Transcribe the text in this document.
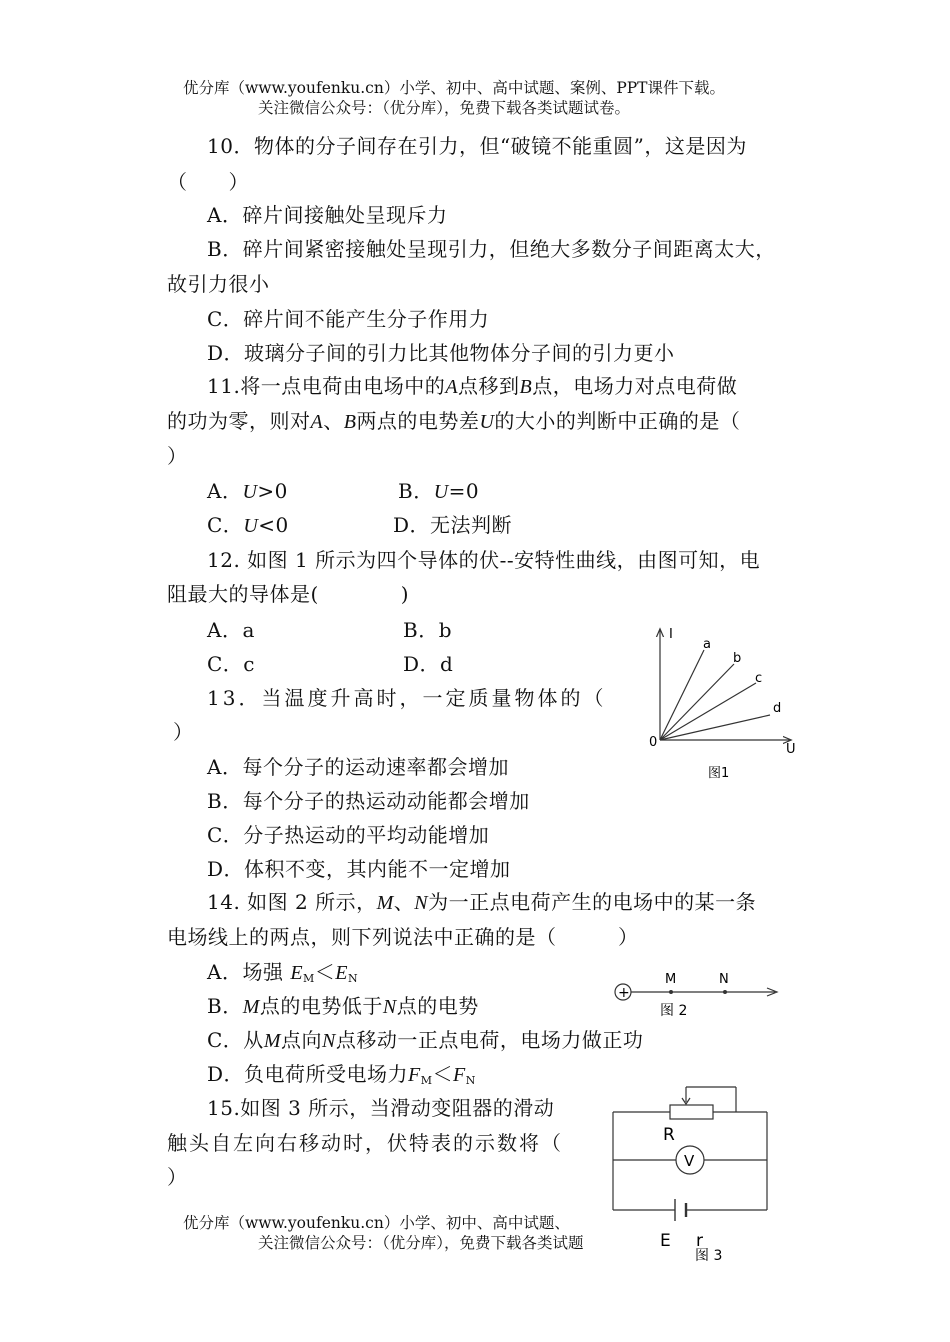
优分库（www.youfenku.cn）小学、初中、高中试题、案例、PPT课件下载。
关注微信公众号：（优分库），免费下载各类试题试卷。
10．物体的分子间存在引力，但“破镜不能重圆”，这是因为
（　　）
A．碎片间接触处呈现斥力
B．碎片间紧密接触处呈现引力，但绝大多数分子间距离太大，
故引力很小
C．碎片间不能产生分子作用力
D．玻璃分子间的引力比其他物体分子间的引力更小
11.将一点电荷由电场中的A点移到B点，电场力对点电荷做
的功为零，则对A、B两点的电势差U的大小的判断中正确的是（
）
A．U>0	B．U=0
C．U<0	D．无法判断
12. 如图 1 所示为四个导体的伏--安特性曲线，由图可知，电
阻最大的导体是(　　　　)
A．a	B．b
C．c	D．d
13．当温度升高时，一定质量物体的（
）
A．每个分子的运动速率都会增加
B．每个分子的热运动动能都会增加
C．分子热运动的平均动能增加
D．体积不变，其内能不一定增加
14. 如图 2 所示，M、N为一正点电荷产生的电场中的某一条
电场线上的两点，则下列说法中正确的是（　　　）
A．场强 $E_M<E_N$
B．M点的电势低于N点的电势
C．从M点向N点移动一正点电荷，电场力做正功
D．负电荷所受电场力$F_M<F_N$
15.如图 3 所示，当滑动变阻器的滑动
触头自左向右移动时，伏特表的示数将（
）
优分库（www.youfenku.cn）小学、初中、高中试题、
关注微信公众号：（优分库），免费下载各类试题
I
U
0
a
b
c
d
图1
+
M	N
图 2
R
V
E r
图 3
